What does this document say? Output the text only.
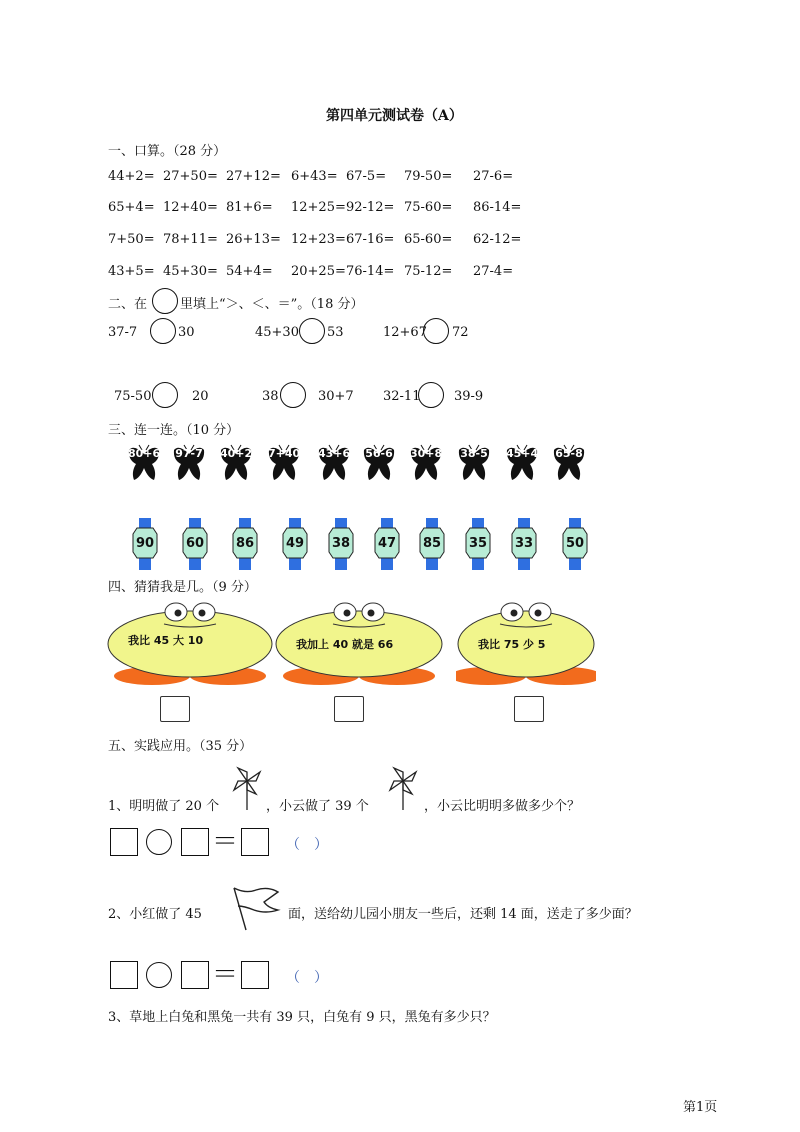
第四单元测试卷（A）
一、口算。（28 分）
44+2= 27+50= 27+12= 6+43= 67-5= 79-50= 27-6=
65+4= 12+40= 81+6= 12+25= 92-12= 75-60= 86-14=
7+50= 78+11= 26+13= 12+23= 67-16= 65-60= 62-12=
43+5= 45+30= 54+4= 20+25= 76-14= 75-12= 27-4=
二、在	里填上“＞、＜、＝”。（18 分）
37-7	30	45+30 53	12+67 72
75-50	20	38	30+7 32-11	39-9
三、连一连。（10 分）
80+6 97-7 40+20 7+40 43+6 56-6 30+8 38-5 45+40 65-8
90	60	86	49	38	47	85	35	33	50
四、猜猜我是几。（9 分）
我比 45 大 10	我加上 40 就是 66	我比 75 少 5
五、实践应用。（35 分）
1、明明做了 20 个	，小云做了 39 个	，小云比明明多做多少个？
＝	（　）
2、小红做了 45	面，送给幼儿园小朋友一些后，还剩 14 面，送走了多少面？
＝	（　）
3、草地上白兔和黑兔一共有 39 只，白兔有 9 只，黑兔有多少只？
第1页
